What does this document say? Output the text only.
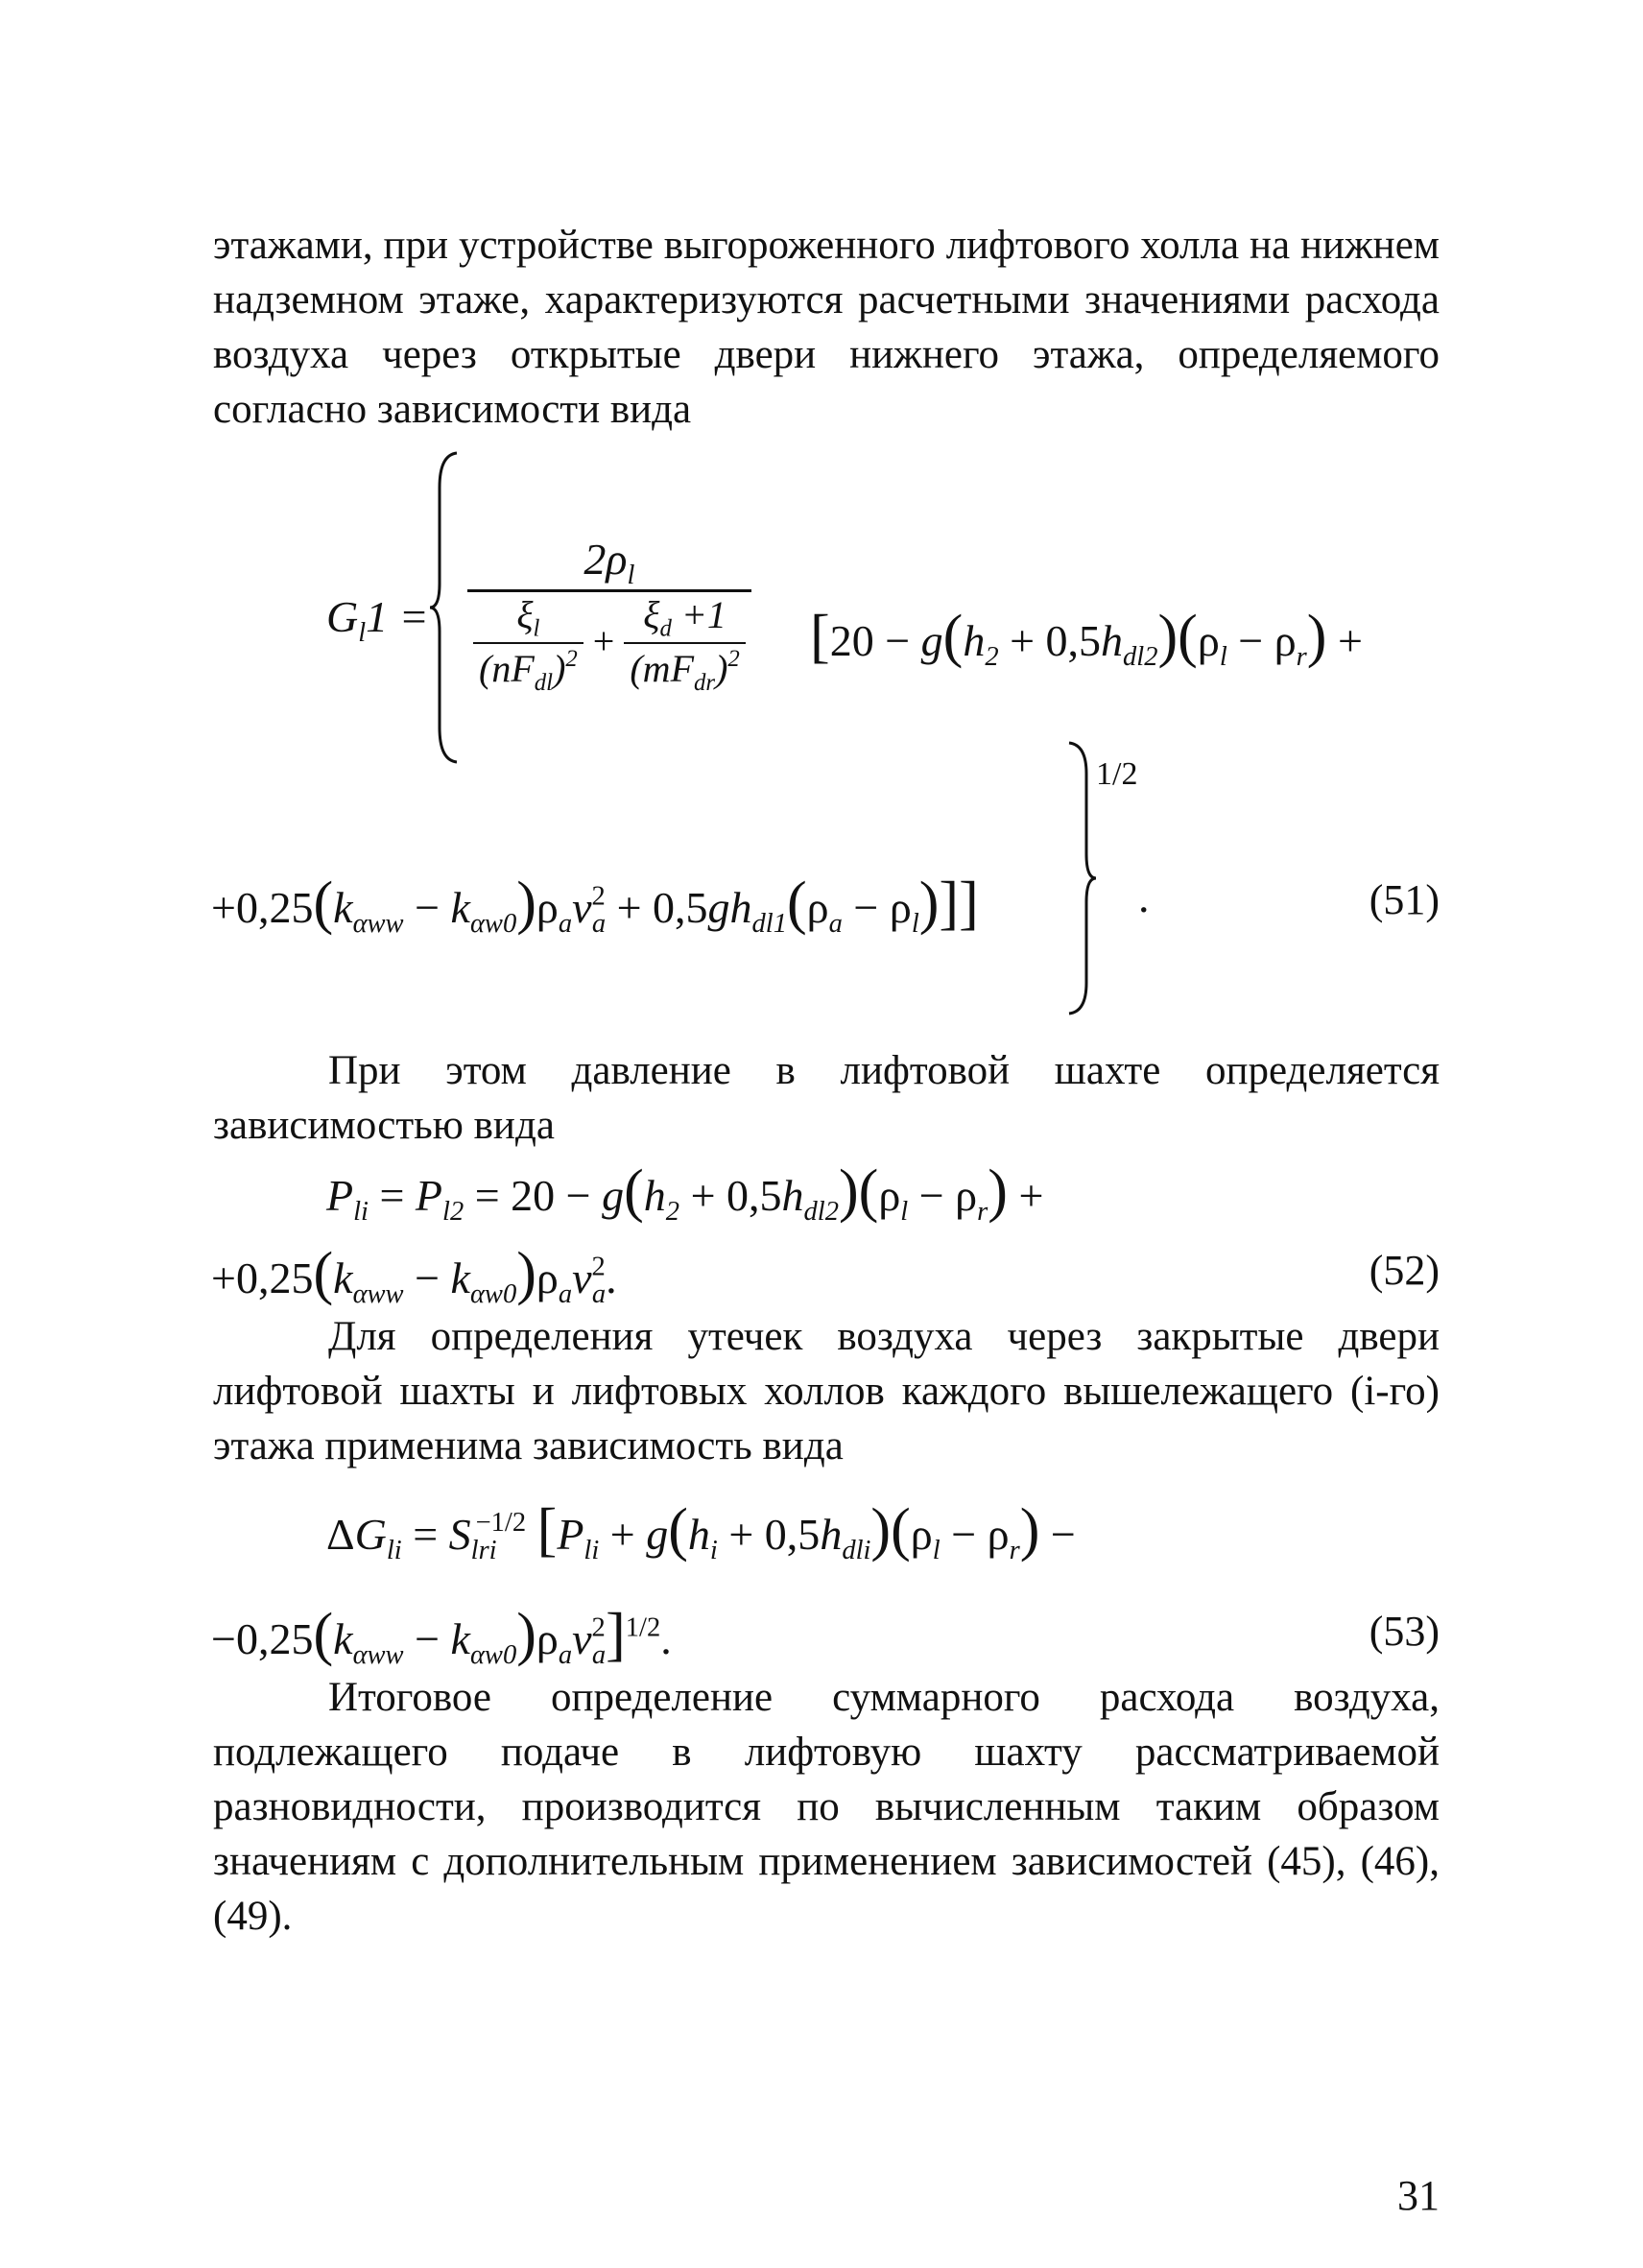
этажами, при устройстве выгороженного лифтового холла на нижнем надземном этаже, характеризуются расчетными значениями расхода воздуха через открытые двери нижнего этажа, определяемого согласно зависимости вида
$G_l1$ =
$2\rho_l$
$\frac{\xi_l}{(nF_{dl})^2} + \frac{\xi_d +1}{(mF_{dr})^2} [20 - g(h_2 + 0,5h_{dl2})(\rho_l - \rho_r)$ +
1/2
$+0,25(k_{\alpha ww} - k_{\alpha w0})\rho_av^2_a + 0,5gh_{dl1}(\rho_a - \rho_l)$]]	.	(51)
При этом давление в лифтовой шахте определяется зависимостью вида
$P_{li} = P_{l2} = 20 - g(h_2 + 0,5h_{dl2})(\rho_l - \rho_r)$ +
$+0,25(k_{\alpha ww} - k_{\alpha w0})\rho_av^2_a$.	(52)
Для определения утечек воздуха через закрытые двери лифтовой шахты и лифтовых холлов каждого вышележащего (i-го) этажа применима зависимость вида
$\Delta G_{li} = S_{lri}^{-1/2}$ [$P_{li} + g(h_i + 0,5h_{dli})(\rho_l - \rho_r)$ −
$-0,25(k_{\alpha ww} - k_{\alpha w0})\rho_av^2_a]^{1/2}$.	(53)
Итоговое определение суммарного расхода воздуха, подлежащего подаче в лифтовую шахту рассматриваемой разновидности, производится по вычисленным таким образом значениям с дополнительным применением зависимостей (45), (46), (49).
31
